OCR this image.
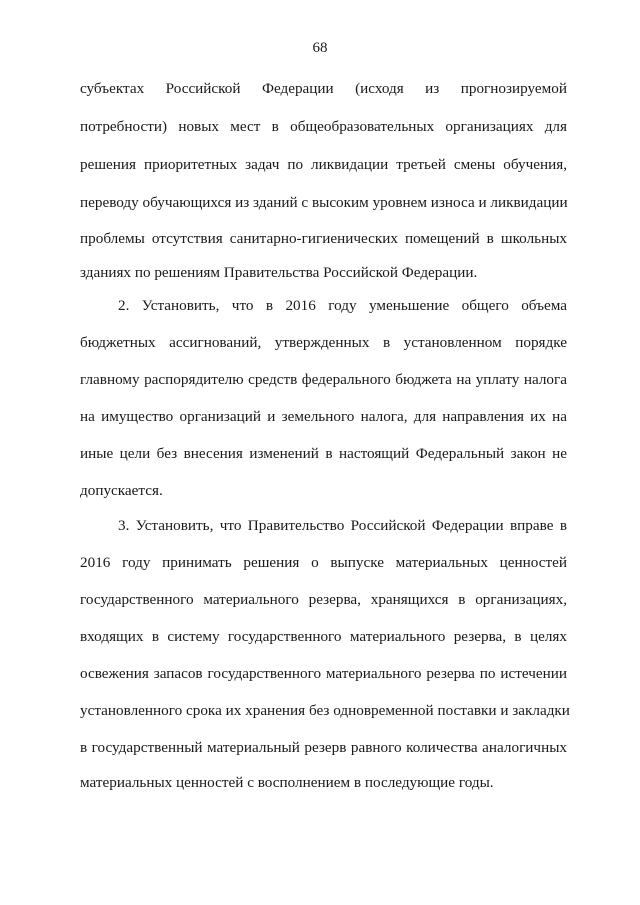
68
субъектах Российской Федерации (исходя из прогнозируемой
потребности) новых мест в общеобразовательных организациях для
решения приоритетных задач по ликвидации третьей смены обучения,
переводу обучающихся из зданий с высоким уровнем износа и ликвидации
проблемы отсутствия санитарно-гигиенических помещений в школьных
зданиях по решениям Правительства Российской Федерации.
2. Установить, что в 2016 году уменьшение общего объема
бюджетных ассигнований, утвержденных в установленном порядке
главному распорядителю средств федерального бюджета на уплату налога
на имущество организаций и земельного налога, для направления их на
иные цели без внесения изменений в настоящий Федеральный закон не
допускается.
3. Установить, что Правительство Российской Федерации вправе в
2016 году принимать решения о выпуске материальных ценностей
государственного материального резерва, хранящихся в организациях,
входящих в систему государственного материального резерва, в целях
освежения запасов государственного материального резерва по истечении
установленного срока их хранения без одновременной поставки и закладки
в государственный материальный резерв равного количества аналогичных
материальных ценностей с восполнением в последующие годы.
